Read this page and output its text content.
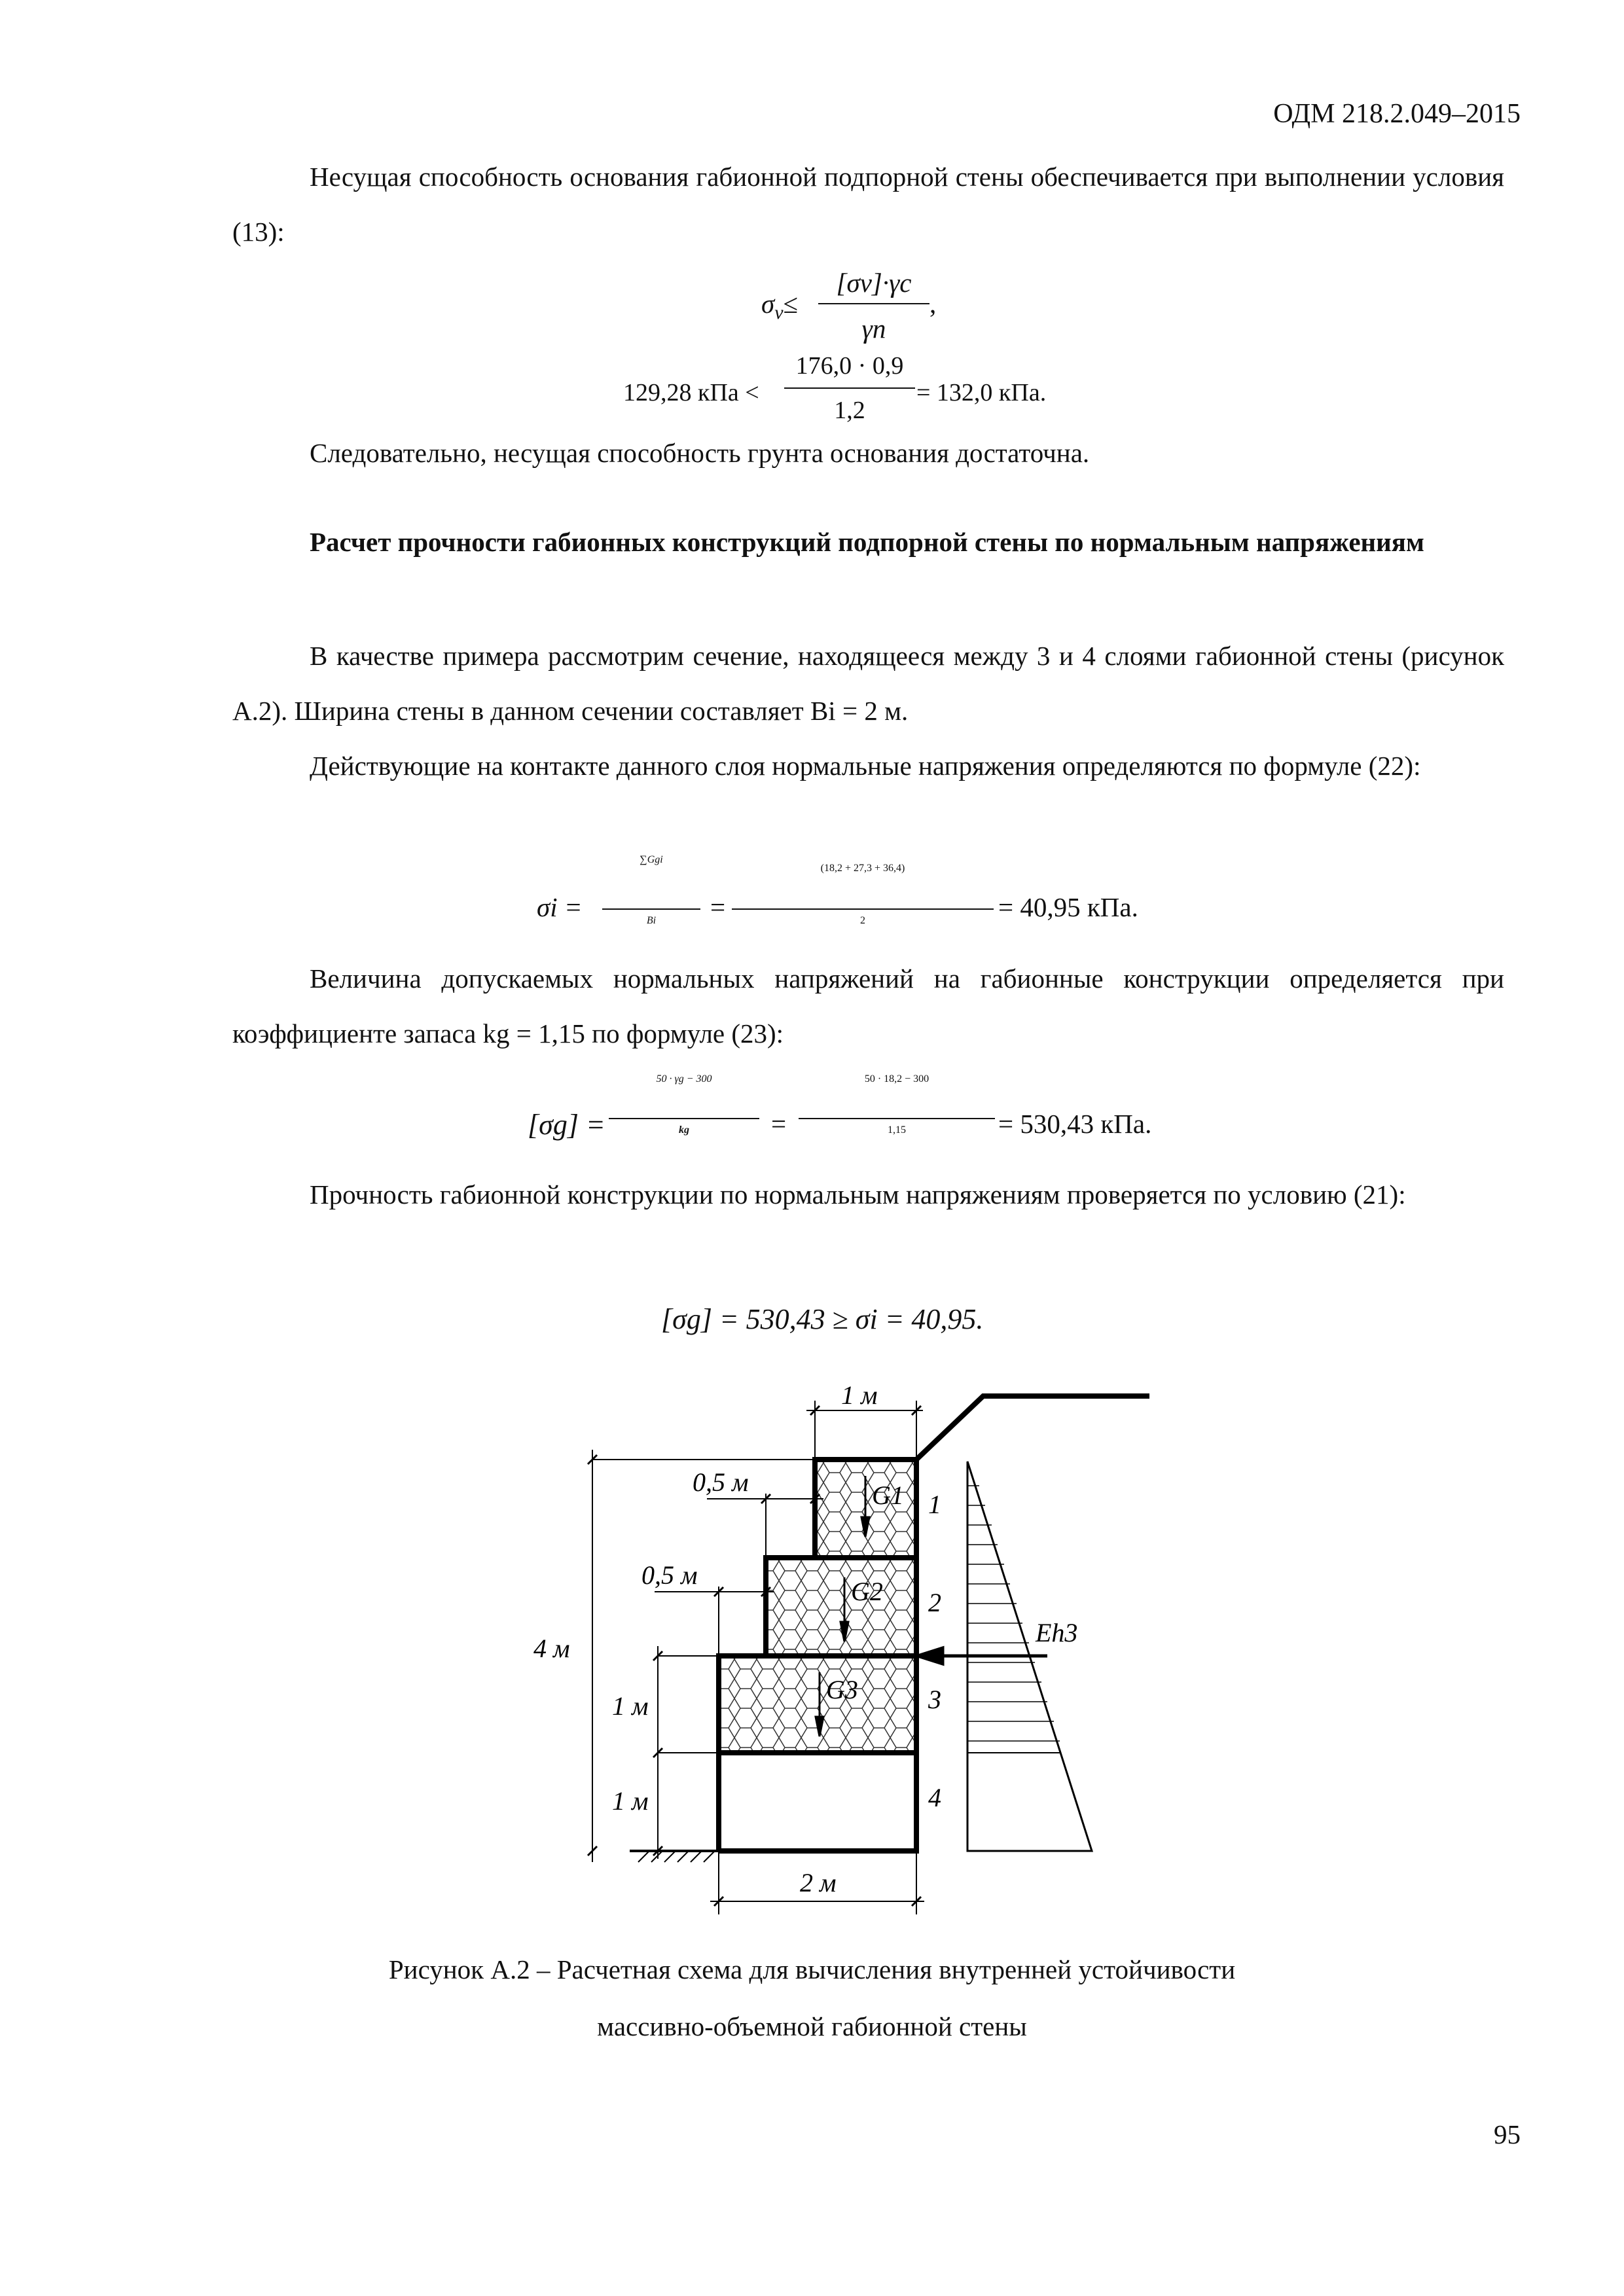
ОДМ 218.2.049–2015
Несущая способность основания габионной подпорной стены обеспечивается при выполнении условия (13):
$\sigma_v\le$
[σv]·γc
γn
,
129,28 кПа <
176,0 · 0,9
1,2
= 132,0 кПа.
Следовательно, несущая способность грунта основания достаточна.
Расчет прочности габионных конструкций подпорной стены по нормальным напряжениям
В качестве примера рассмотрим сечение, находящееся между 3 и 4 слоями габионной стены (рисунок А.2). Ширина стены в данном сечении составляет Bi = 2 м.
Действующие на контакте данного слоя нормальные напряжения определяются по формуле (22):
σi =
∑Ggi
Bi	=
(18,2 + 27,3 + 36,4)
2	= 40,95 кПа.
Величина допускаемых нормальных напряжений на габионные конструкции определяется при коэффициенте запаса kg = 1,15 по формуле (23):
[σg] =
50 · γg − 300
kg	=
50 · 18,2 − 300
1,15	= 530,43 кПа.
Прочность габионной конструкции по нормальным напряжениям проверяется по условию (21):
[σg] = 530,43 ≥ σi = 40,95.
1 м
0,5 м
0,5 м
4 м
1 м
1 м
2 м
G1
G2
G3
1
2
3
4
Eh3
Рисунок А.2 – Расчетная схема для вычисления внутренней устойчивости
массивно-объемной габионной стены
95
